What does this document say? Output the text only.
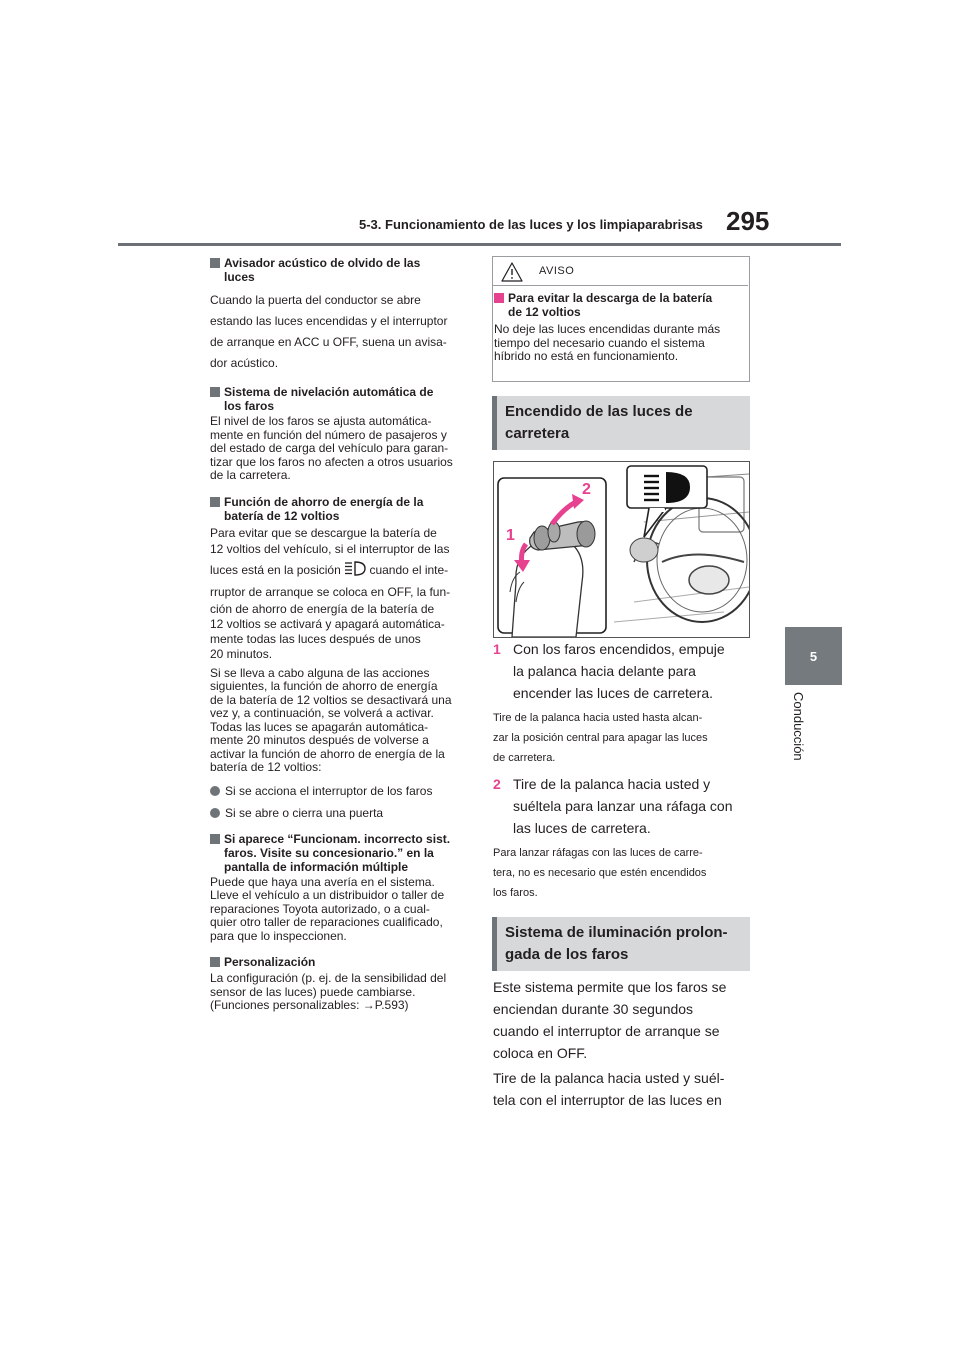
5-3. Funcionamiento de las luces y los limpiaparabrisas 295
5
Conducción

Avisador acústico de olvido de las
luces

Cuando la puerta del conductor se abre

estando las luces encendidas y el interruptor

de arranque en ACC u OFF, suena un avisa-

dor acústico.

Sistema de nivelación automática de
los faros

El nivel de los faros se ajusta automática-

mente en función del número de pasajeros y

del estado de carga del vehículo para garan-

tizar que los faros no afecten a otros usuarios

de la carretera.

Función de ahorro de energía de la
batería de 12 voltios

Para evitar que se descargue la batería de

12 voltios del vehículo, si el interruptor de las

luces está en la posición cuando el inte-

rruptor de arranque se coloca en OFF, la fun-

ción de ahorro de energía de la batería de

12 voltios se activará y apagará automática-

mente todas las luces después de unos

20 minutos.

Si se lleva a cabo alguna de las acciones

siguientes, la función de ahorro de energía

de la batería de 12 voltios se desactivará una

vez y, a continuación, se volverá a activar.

Todas las luces se apagarán automática-

mente 20 minutos después de volverse a

activar la función de ahorro de energía de la

batería de 12 voltios:

Si se acciona el interruptor de los faros

Si se abre o cierra una puerta

Si aparece “Funcionam. incorrecto sist.
faros. Visite su concesionario.” en la
pantalla de información múltiple

Puede que haya una avería en el sistema.

Lleve el vehículo a un distribuidor o taller de

reparaciones Toyota autorizado, o a cual-

quier otro taller de reparaciones cualificado,

para que lo inspeccionen.

Personalización

La configuración (p. ej. de la sensibilidad del

sensor de las luces) puede cambiarse.

(Funciones personalizables: →P.593)

AVISO

Para evitar la descarga de la batería
de 12 voltios

No deje las luces encendidas durante más

tiempo del necesario cuando el sistema

híbrido no está en funcionamiento.

Encendido de las luces de
carretera
2
1
1 Con los faros encendidos, empuje

la palanca hacia delante para

encender las luces de carretera.

Tire de la palanca hacia usted hasta alcan-

zar la posición central para apagar las luces

de carretera.

2 Tire de la palanca hacia usted y

suéltela para lanzar una ráfaga con

las luces de carretera.

Para lanzar ráfagas con las luces de carre-

tera, no es necesario que estén encendidos

los faros.

Sistema de iluminación prolon-
gada de los faros

Este sistema permite que los faros se

enciendan durante 30 segundos

cuando el interruptor de arranque se

coloca en OFF.

Tire de la palanca hacia usted y suél-

tela con el interruptor de las luces en
